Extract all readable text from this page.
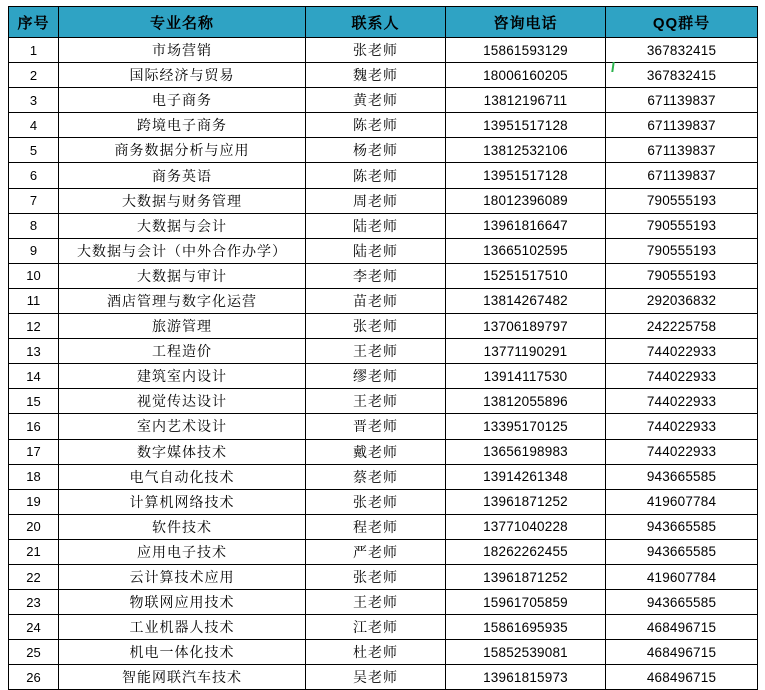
序号	专业名称	联系人	咨询电话	QQ群号
1	市场营销	张老师	15861593129	367832415
2	国际经济与贸易	魏老师	18006160205	367832415
3	电子商务	黄老师	13812196711	671139837
4	跨境电子商务	陈老师	13951517128	671139837
5	商务数据分析与应用	杨老师	13812532106	671139837
6	商务英语	陈老师	13951517128	671139837
7	大数据与财务管理	周老师	18012396089	790555193
8	大数据与会计	陆老师	13961816647	790555193
9	大数据与会计（中外合作办学）	陆老师	13665102595	790555193
10	大数据与审计	李老师	15251517510	790555193
11	酒店管理与数字化运营	苗老师	13814267482	292036832
12	旅游管理	张老师	13706189797	242225758
13	工程造价	王老师	13771190291	744022933
14	建筑室内设计	缪老师	13914117530	744022933
15	视觉传达设计	王老师	13812055896	744022933
16	室内艺术设计	晋老师	13395170125	744022933
17	数字媒体技术	戴老师	13656198983	744022933
18	电气自动化技术	蔡老师	13914261348	943665585
19	计算机网络技术	张老师	13961871252	419607784
20	软件技术	程老师	13771040228	943665585
21	应用电子技术	严老师	18262262455	943665585
22	云计算技术应用	张老师	13961871252	419607784
23	物联网应用技术	王老师	15961705859	943665585
24	工业机器人技术	江老师	15861695935	468496715
25	机电一体化技术	杜老师	15852539081	468496715
26	智能网联汽车技术	吴老师	13961815973	468496715
